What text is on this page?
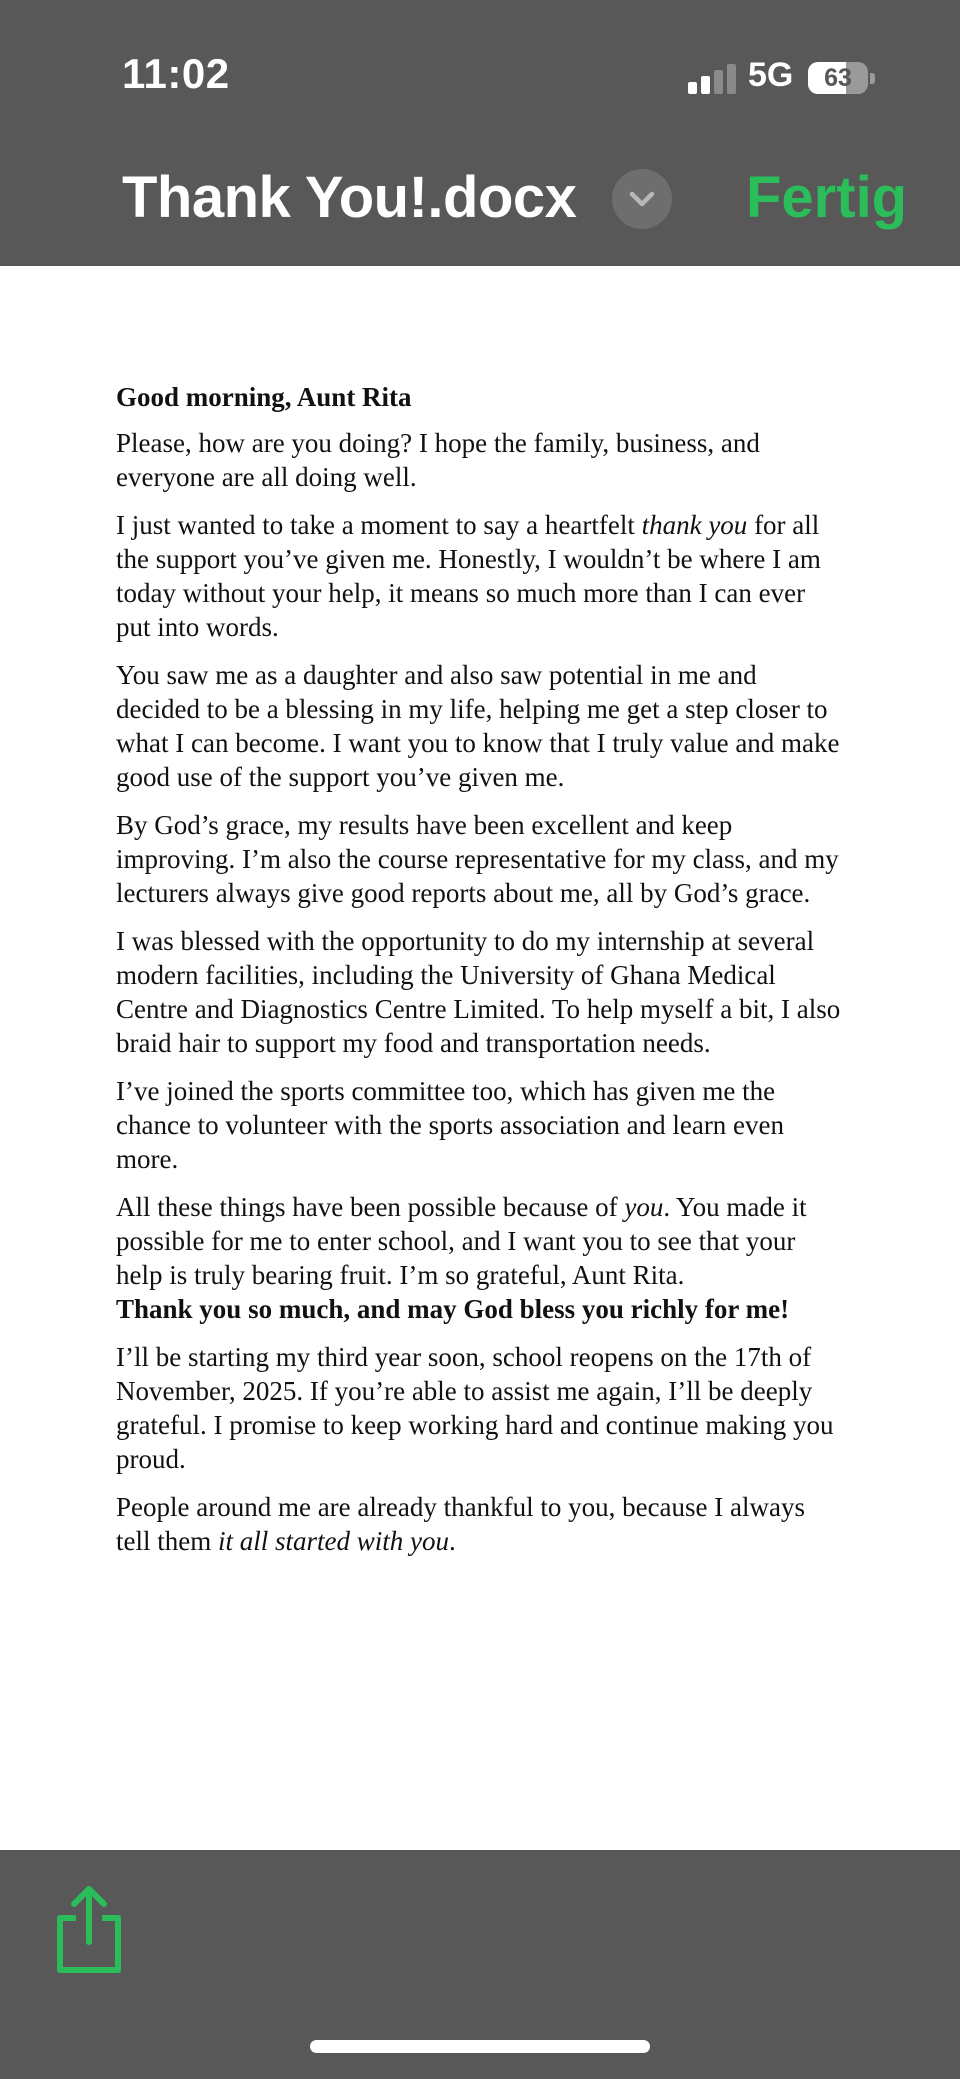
11:02	5G	63
Thank You!.docx	Fertig

Good morning, Aunt Rita

Please, how are you doing? I hope the family, business, and everyone are all doing well.

I just wanted to take a moment to say a heartfelt thank you for all the support you’ve given me. Honestly, I wouldn’t be where I am today without your help, it means so much more than I can ever put into words.

You saw me as a daughter and also saw potential in me and decided to be a blessing in my life, helping me get a step closer to what I can become. I want you to know that I truly value and make good use of the support you’ve given me.

By God’s grace, my results have been excellent and keep improving. I’m also the course representative for my class, and my lecturers always give good reports about me, all by God’s grace.

I was blessed with the opportunity to do my internship at several modern facilities, including the University of Ghana Medical Centre and Diagnostics Centre Limited. To help myself a bit, I also braid hair to support my food and transportation needs.

I’ve joined the sports committee too, which has given me the chance to volunteer with the sports association and learn even more.

All these things have been possible because of you. You made it possible for me to enter school, and I want you to see that your help is truly bearing fruit. I’m so grateful, Aunt Rita.
Thank you so much, and may God bless you richly for me!

I’ll be starting my third year soon, school reopens on the 17th of November, 2025. If you’re able to assist me again, I’ll be deeply grateful. I promise to keep working hard and continue making you proud.

People around me are already thankful to you, because I always tell them it all started with you.
